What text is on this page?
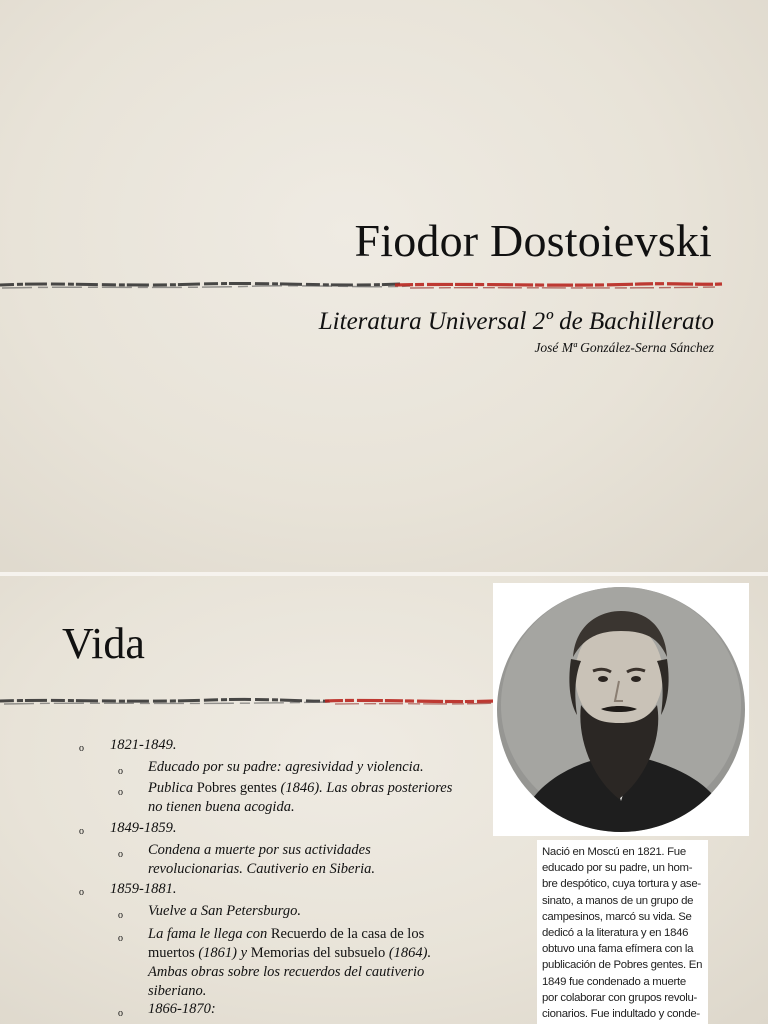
Fiodor Dostoievski
Literatura Universal 2º de Bachillerato
José Mª González-Serna Sánchez
Vida
Nació en Moscú en 1821. Fue
educado por su padre, un hom-
bre despótico, cuya tortura y ase-
sinato, a manos de un grupo de
campesinos, marcó su vida. Se
dedicó a la literatura y en 1846
obtuvo una fama efímera con la
publicación de Pobres gentes. En
1849 fue condenado a muerte
por colaborar con grupos revolu-
cionarios. Fue indultado y conde-
o 1821-1849.
o Educado por su padre: agresividad y violencia.
o Publica Pobres gentes (1846). Las obras posteriores
no tienen buena acogida.
o 1849-1859.
o Condena a muerte por sus actividades
revolucionarias. Cautiverio en Siberia.
o 1859-1881.
o Vuelve a San Petersburgo.
o La fama le llega con Recuerdo de la casa de los
muertos (1861) y Memorias del subsuelo (1864).
Ambas obras sobre los recuerdos del cautiverio
siberiano.
o 1866-1870:
